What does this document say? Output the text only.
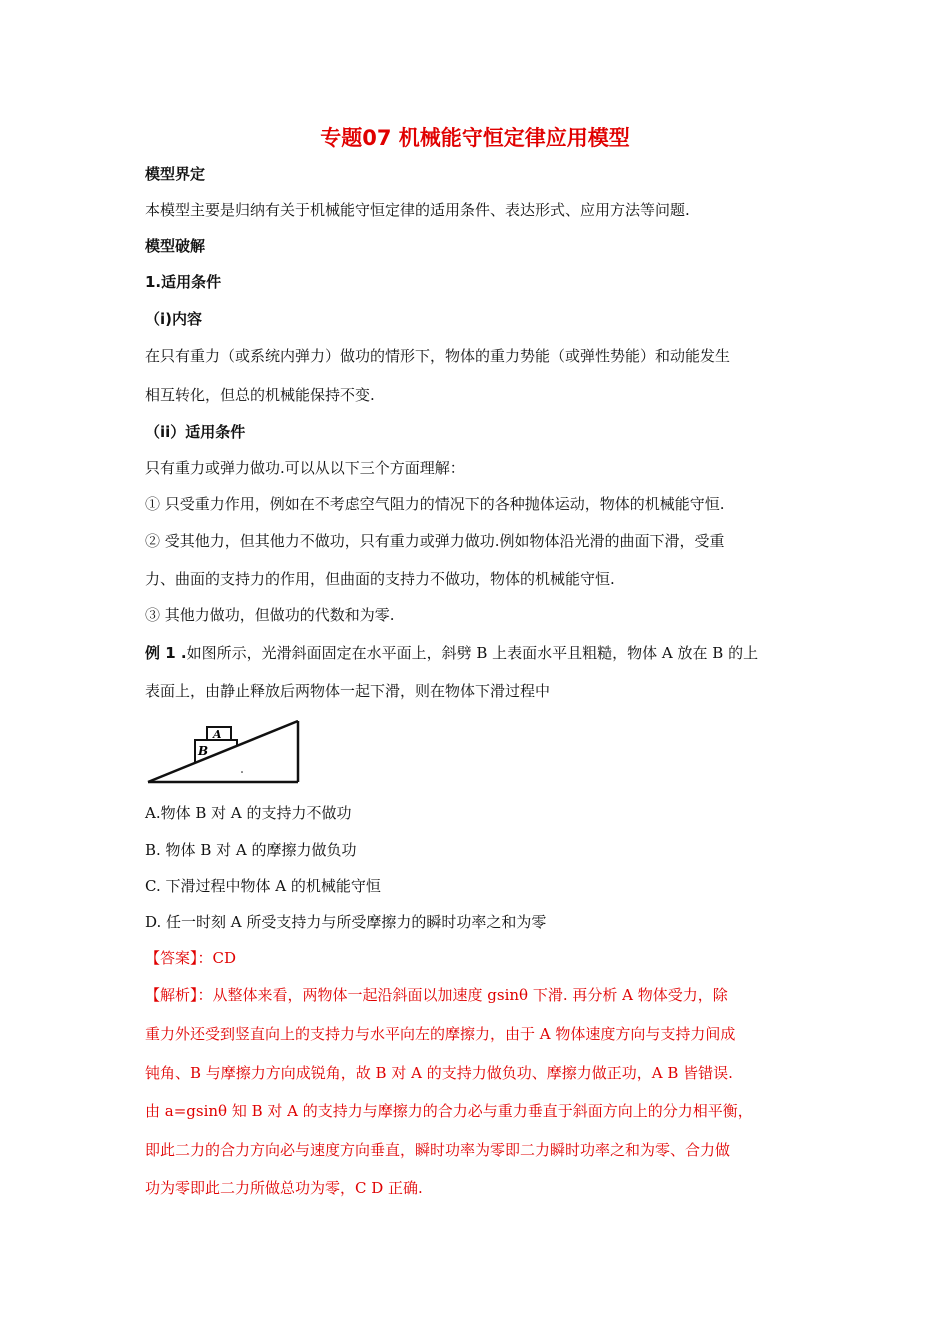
专题07 机械能守恒定律应用模型
模型界定
本模型主要是归纳有关于机械能守恒定律的适用条件、表达形式、应用方法等问题.
模型破解
1.适用条件
（i)内容
在只有重力（或系统内弹力）做功的情形下，物体的重力势能（或弹性势能）和动能发生
相互转化，但总的机械能保持不变.
（ii）适用条件
只有重力或弹力做功.可以从以下三个方面理解：
① 只受重力作用，例如在不考虑空气阻力的情况下的各种抛体运动，物体的机械能守恒.
② 受其他力，但其他力不做功，只有重力或弹力做功.例如物体沿光滑的曲面下滑，受重
力、曲面的支持力的作用，但曲面的支持力不做功，物体的机械能守恒.
③ 其他力做功，但做功的代数和为零.
例 1 .如图所示，光滑斜面固定在水平面上，斜劈 B 上表面水平且粗糙，物体 A 放在 B 的上
表面上，由静止释放后两物体一起下滑，则在物体下滑过程中
B
A
A.物体 B 对 A 的支持力不做功
B. 物体 B 对 A 的摩擦力做负功
C. 下滑过程中物体 A 的机械能守恒
D. 任一时刻 A 所受支持力与所受摩擦力的瞬时功率之和为零
【答案】：CD
【解析】：从整体来看，两物体一起沿斜面以加速度 gsinθ 下滑. 再分析 A 物体受力，除
重力外还受到竖直向上的支持力与水平向左的摩擦力，由于 A 物体速度方向与支持力间成
钝角、B 与摩擦力方向成锐角，故 B 对 A 的支持力做负功、摩擦力做正功，A B 皆错误.
由 a=gsinθ 知 B 对 A 的支持力与摩擦力的合力必与重力垂直于斜面方向上的分力相平衡，
即此二力的合力方向必与速度方向垂直，瞬时功率为零即二力瞬时功率之和为零、合力做
功为零即此二力所做总功为零，C D 正确.
